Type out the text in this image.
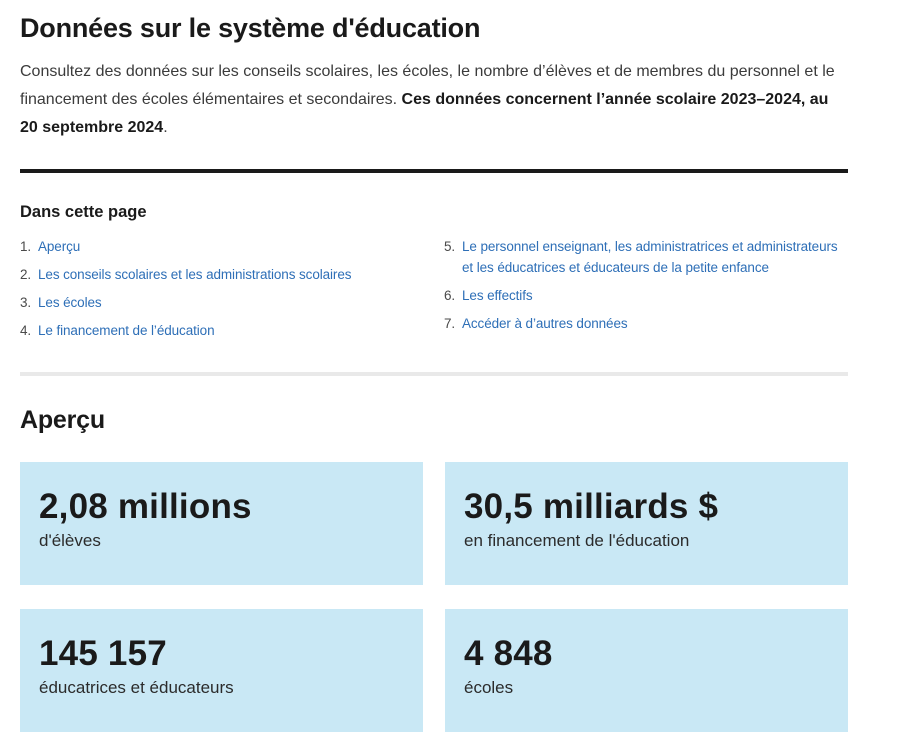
Données sur le système d'éducation

Consultez des données sur les conseils scolaires, les écoles, le nombre d’élèves et de membres du personnel et le financement des écoles élémentaires et secondaires. Ces données concernent l’année scolaire 2023–2024, au 20 septembre 2024.

Dans cette page
1. Aperçu
2. Les conseils scolaires et les administrations scolaires
3. Les écoles
4. Le financement de l’éducation
5. Le personnel enseignant, les administratrices et administrateurs et les éducatrices et éducateurs de la petite enfance
6. Les effectifs
7. Accéder à d’autres données
Aperçu
2,08 millions
d'élèves
30,5 milliards $
en financement de l'éducation
145 157
éducatrices et éducateurs
4 848
écoles
